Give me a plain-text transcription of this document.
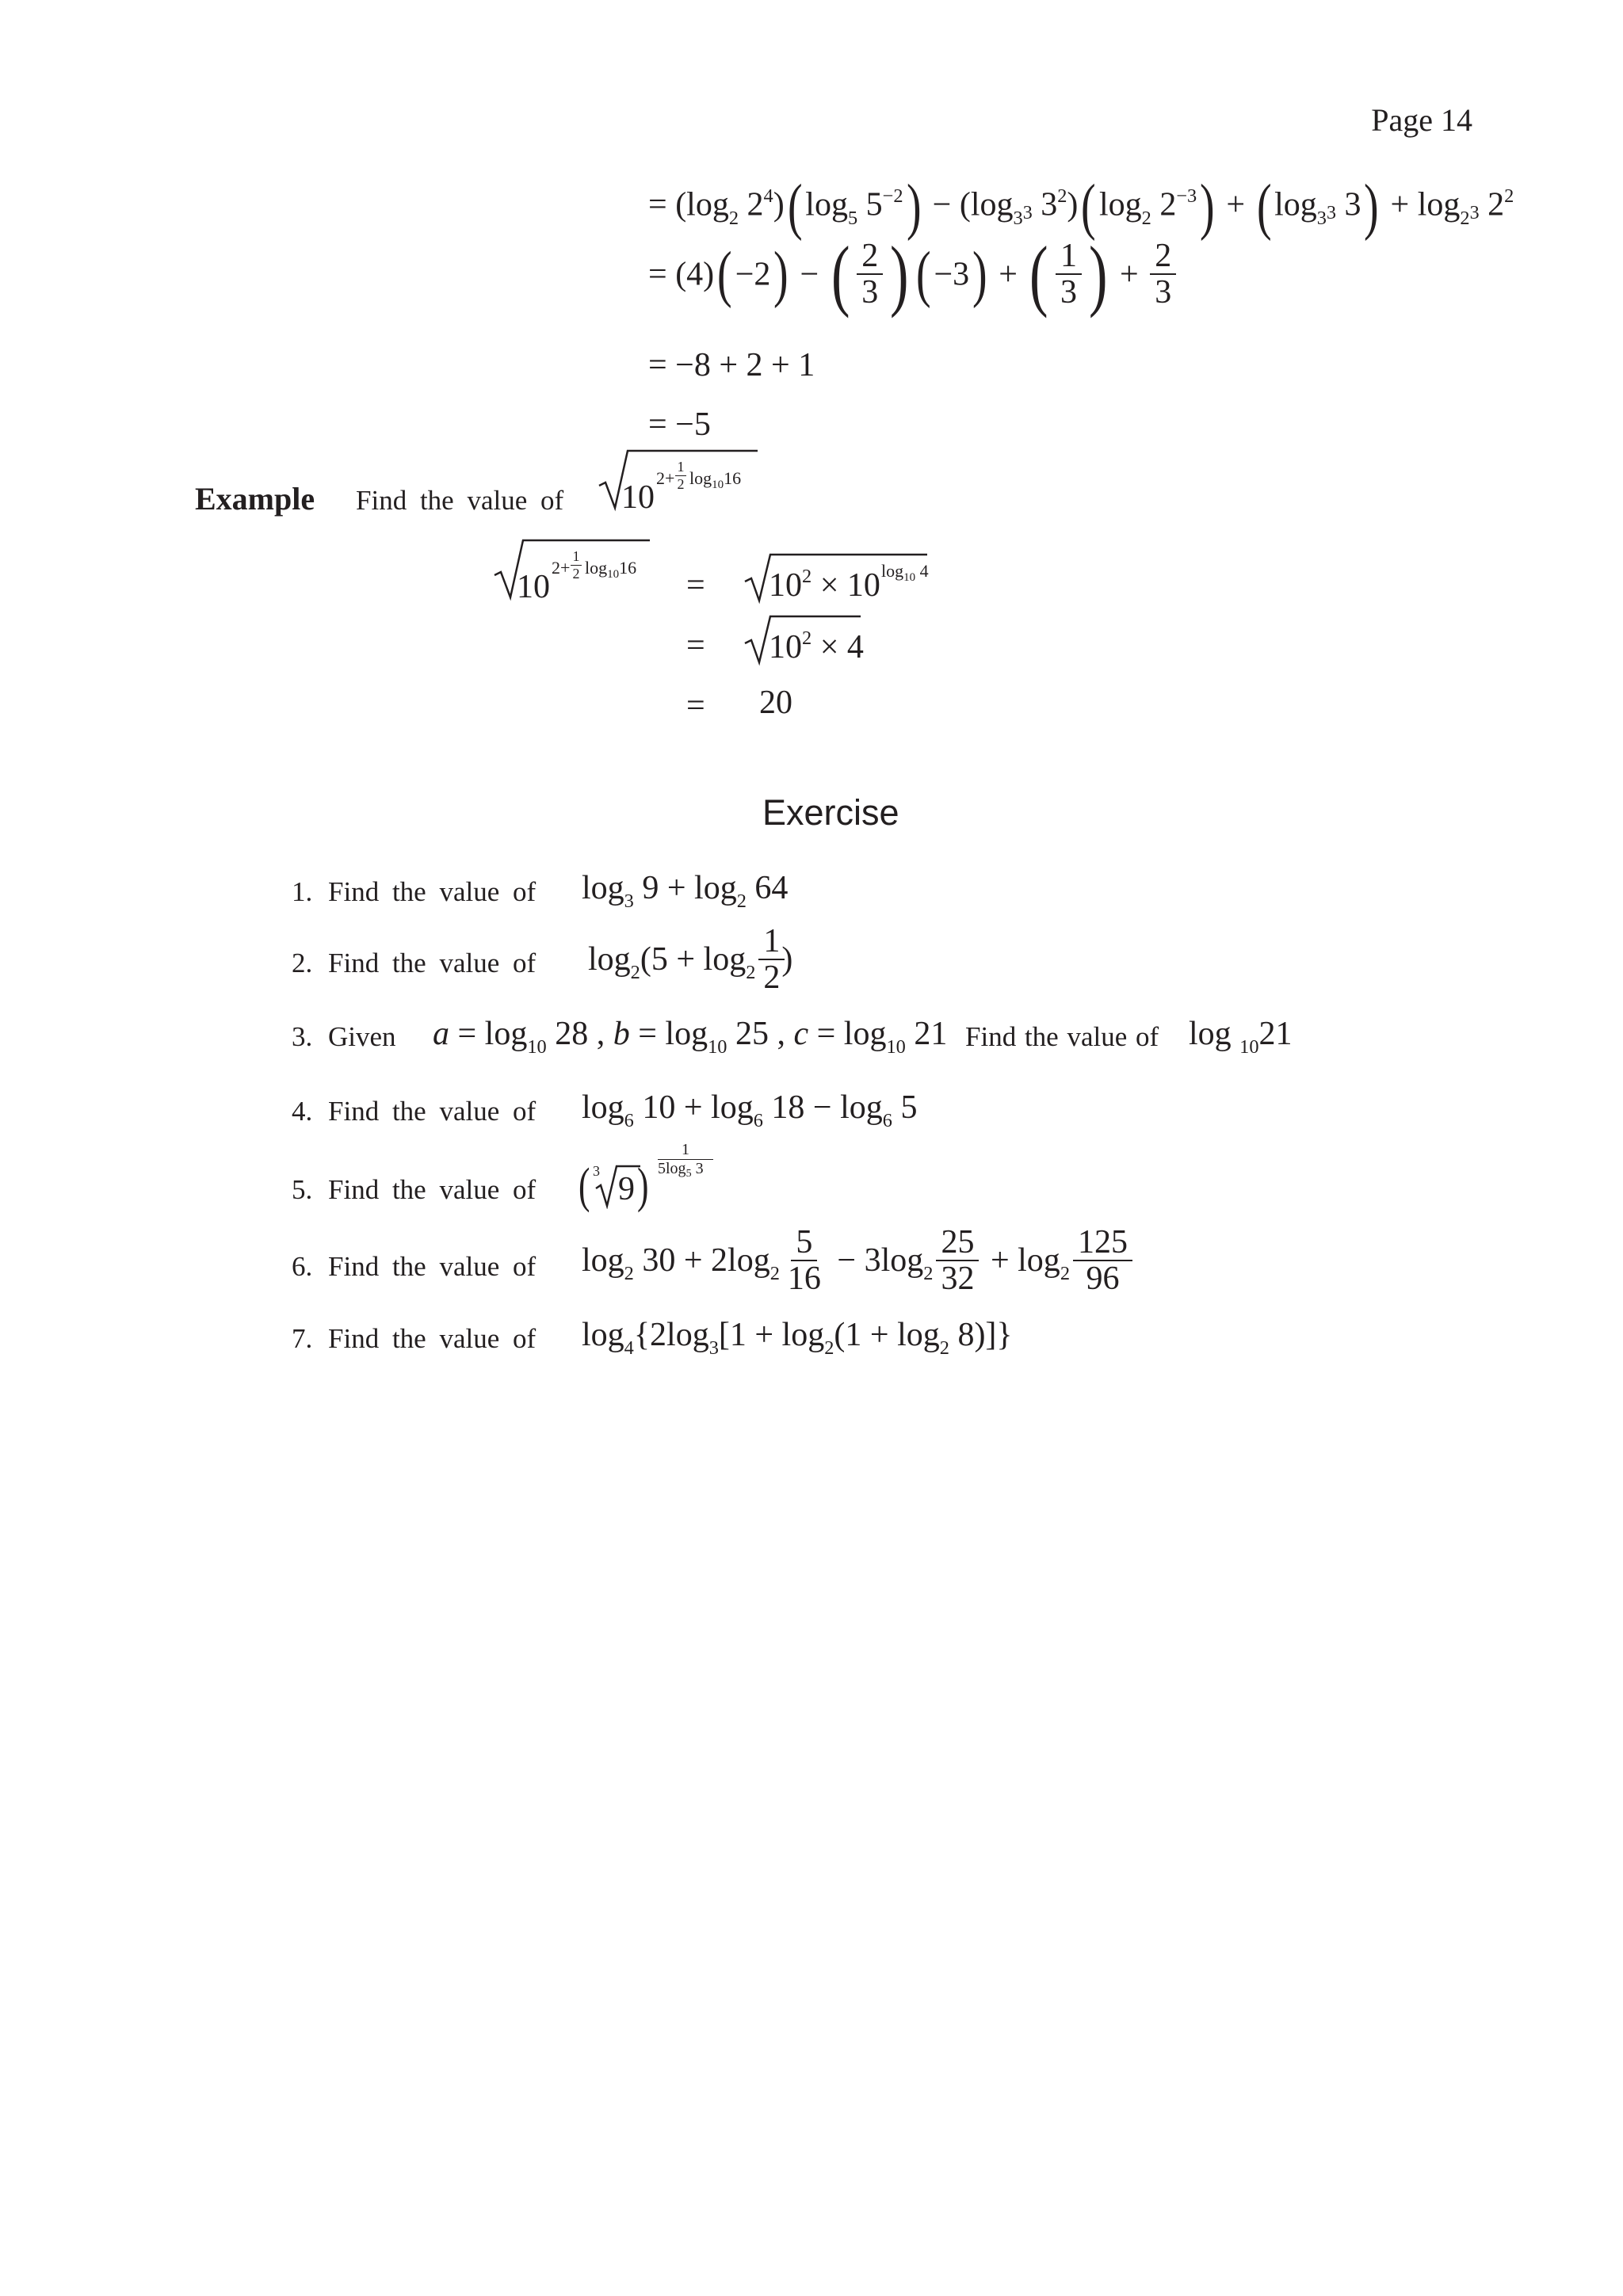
Page 14
= ($\log_2$ $2^4)(\log_5$ $5^{-2}) - (\log_33$ $3^2)(\log_2$ $2^{-3}) + (\log_33$ $3) + \log_23$ $2^2$
= (4)(−2) − ( $\frac{2}{3}$ ) (−3) + ( $\frac{1}{3}$ ) + $\frac{2}{3}$
= −8 + 2 + 1
= −5
Example Find the value of 10
2+
1
2 $\log_{10}16$
10
2+
1
2 $\log_{10}16$ =
=
=
$10^2 \times 10$ $\log_{10} 4$
$10^2 \times 4$
20
Exercise
1. Find the value of $\log_3 9 + \log_2 64$
2. Find the value of $\log_2(5 + \log_2 \frac{1}{2}$
)
3. Given $a = \log_{10} 28$ , $b = \log_{10} 25$ , $c = \log_{10} 21$ Find the value of log $_{10}$21
4. Find the value of $\log_6 10 + \log_6 18 - \log_6 5$
5. Find the value of ( 3 9 )
1
$5\log_5$ 3
6. Find the value of $\log_2 30 + 2\log_2 \frac{5}{16} - 3\log_2 \frac{25}{32} + \log_2 \frac{125}{96}$
7. Find the value of $\log_4\{2\log_3[1 + \log_2(1 + \log_2 8)]\}$
